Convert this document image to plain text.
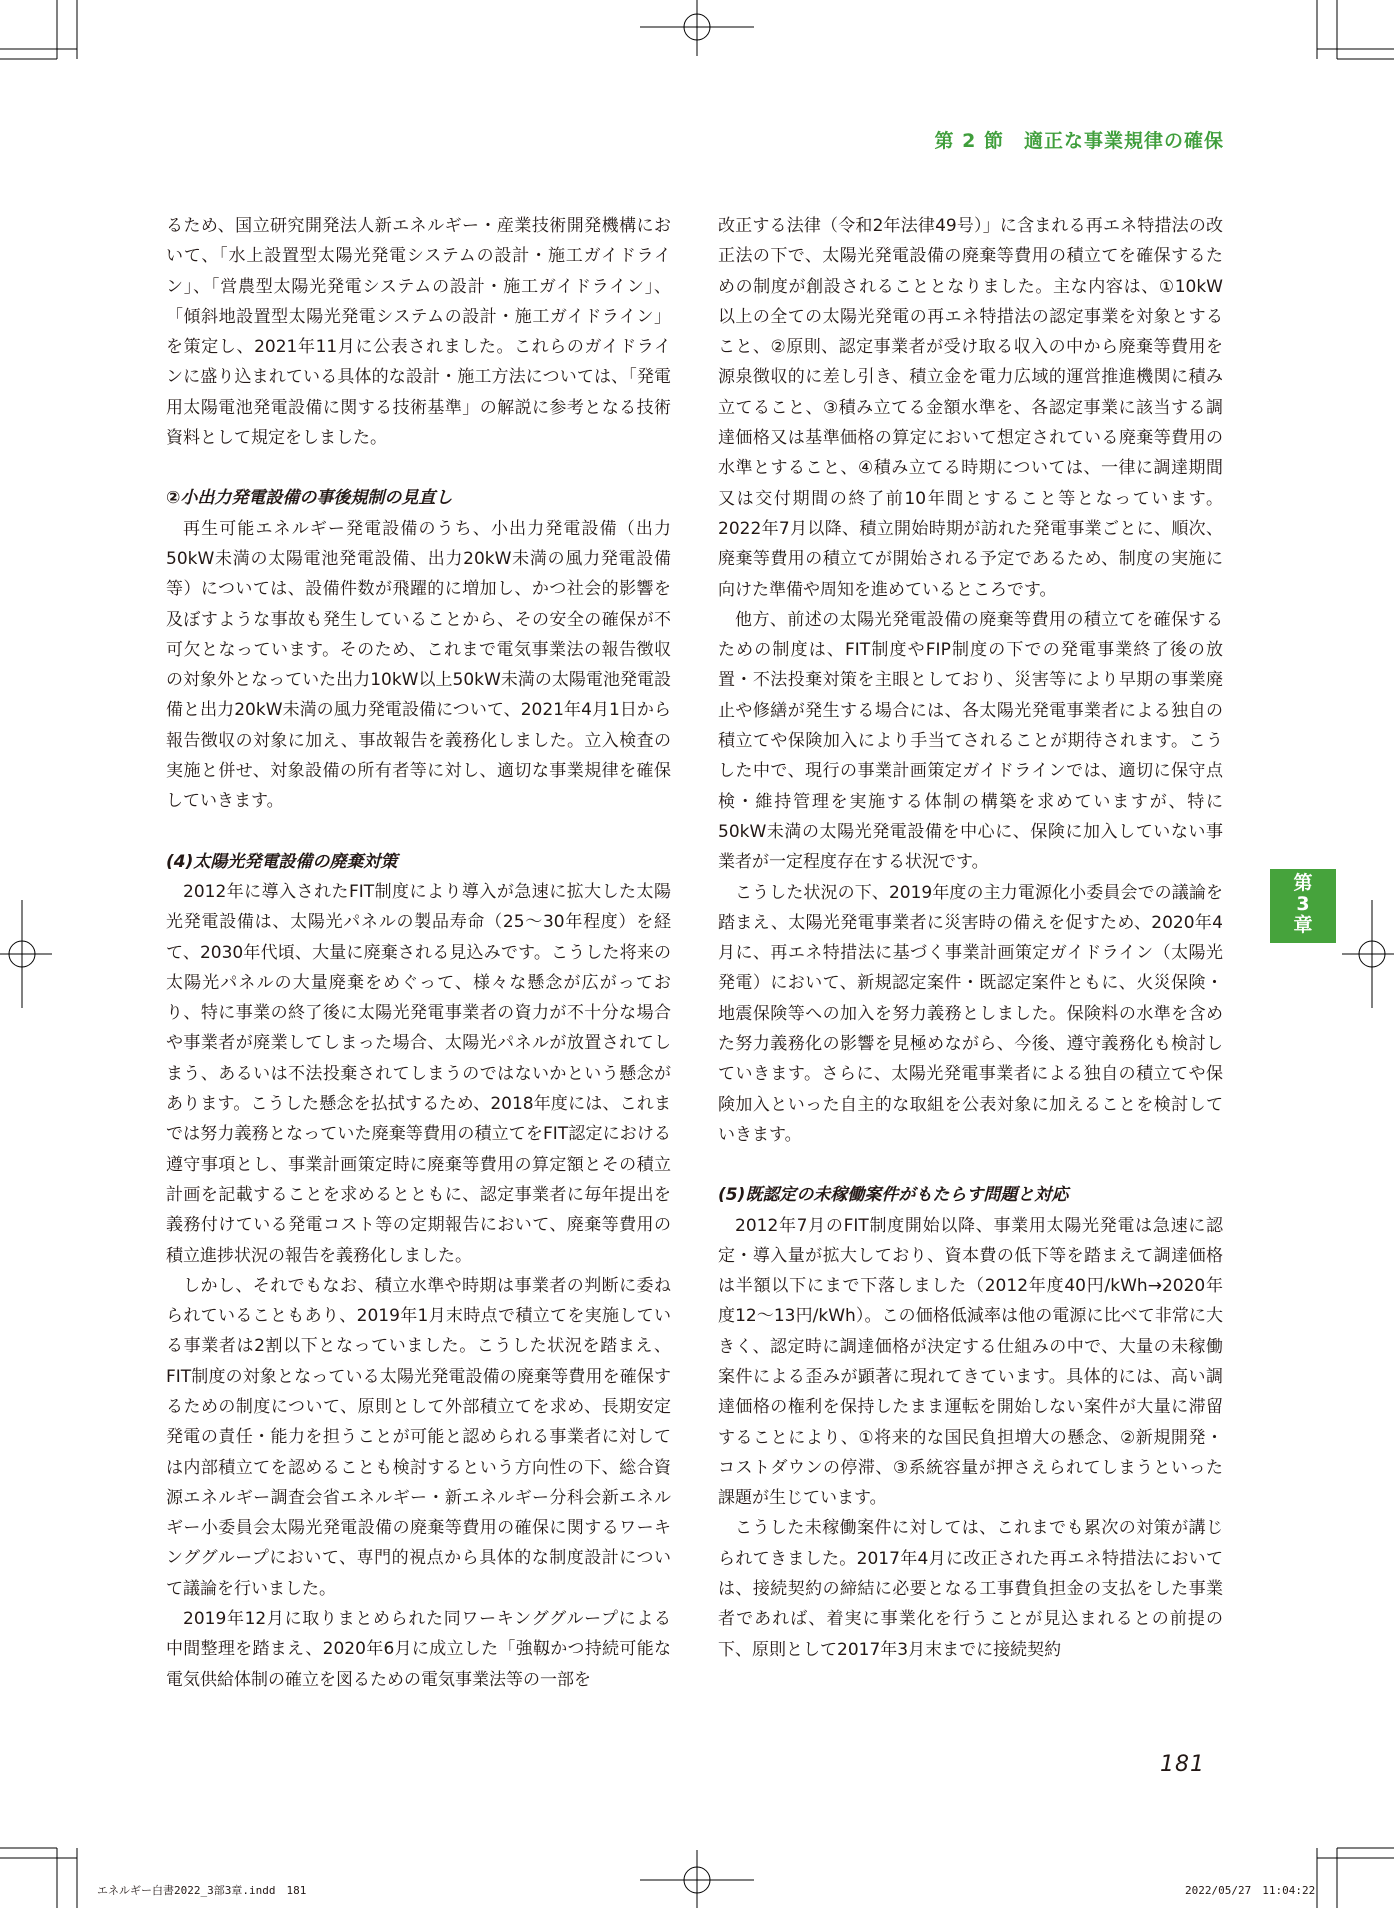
第 2 節　適正な事業規律の確保

るため、国立研究開発法人新エネルギー・産業技術開発機構において、「水上設置型太陽光発電システムの設計・施工ガイドライン」、「営農型太陽光発電システムの設計・施工ガイドライン」、「傾斜地設置型太陽光発電システムの設計・施工ガイドライン」を策定し、2021年11月に公表されました。これらのガイドラインに盛り込まれている具体的な設計・施工方法については、「発電用太陽電池発電設備に関する技術基準」の解説に参考となる技術資料として規定をしました。

②小出力発電設備の事後規制の見直し

再生可能エネルギー発電設備のうち、小出力発電設備（出力50kW未満の太陽電池発電設備、出力20kW未満の風力発電設備等）については、設備件数が飛躍的に増加し、かつ社会的影響を及ぼすような事故も発生していることから、その安全の確保が不可欠となっています。そのため、これまで電気事業法の報告徴収の対象外となっていた出力10kW以上50kW未満の太陽電池発電設備と出力20kW未満の風力発電設備について、2021年4月1日から報告徴収の対象に加え、事故報告を義務化しました。立入検査の実施と併せ、対象設備の所有者等に対し、適切な事業規律を確保していきます。

(4)太陽光発電設備の廃棄対策

2012年に導入されたFIT制度により導入が急速に拡大した太陽光発電設備は、太陽光パネルの製品寿命（25～30年程度）を経て、2030年代頃、大量に廃棄される見込みです。こうした将来の太陽光パネルの大量廃棄をめぐって、様々な懸念が広がっており、特に事業の終了後に太陽光発電事業者の資力が不十分な場合や事業者が廃業してしまった場合、太陽光パネルが放置されてしまう、あるいは不法投棄されてしまうのではないかという懸念があります。こうした懸念を払拭するため、2018年度には、これまでは努力義務となっていた廃棄等費用の積立てをFIT認定における遵守事項とし、事業計画策定時に廃棄等費用の算定額とその積立計画を記載することを求めるとともに、認定事業者に毎年提出を義務付けている発電コスト等の定期報告において、廃棄等費用の積立進捗状況の報告を義務化しました。

しかし、それでもなお、積立水準や時期は事業者の判断に委ねられていることもあり、2019年1月末時点で積立てを実施している事業者は2割以下となっていました。こうした状況を踏まえ、FIT制度の対象となっている太陽光発電設備の廃棄等費用を確保するための制度について、原則として外部積立てを求め、長期安定発電の責任・能力を担うことが可能と認められる事業者に対しては内部積立てを認めることも検討するという方向性の下、総合資源エネルギー調査会省エネルギー・新エネルギー分科会新エネルギー小委員会太陽光発電設備の廃棄等費用の確保に関するワーキンググループにおいて、専門的視点から具体的な制度設計について議論を行いました。

2019年12月に取りまとめられた同ワーキンググループによる中間整理を踏まえ、2020年6月に成立した「強靱かつ持続可能な電気供給体制の確立を図るための電気事業法等の一部を

改正する法律（令和2年法律49号）」に含まれる再エネ特措法の改正法の下で、太陽光発電設備の廃棄等費用の積立てを確保するための制度が創設されることとなりました。主な内容は、①10kW以上の全ての太陽光発電の再エネ特措法の認定事業を対象とすること、②原則、認定事業者が受け取る収入の中から廃棄等費用を源泉徴収的に差し引き、積立金を電力広域的運営推進機関に積み立てること、③積み立てる金額水準を、各認定事業に該当する調達価格又は基準価格の算定において想定されている廃棄等費用の水準とすること、④積み立てる時期については、一律に調達期間又は交付期間の終了前10年間とすること等となっています。2022年7月以降、積立開始時期が訪れた発電事業ごとに、順次、廃棄等費用の積立てが開始される予定であるため、制度の実施に向けた準備や周知を進めているところです。

他方、前述の太陽光発電設備の廃棄等費用の積立てを確保するための制度は、FIT制度やFIP制度の下での発電事業終了後の放置・不法投棄対策を主眼としており、災害等により早期の事業廃止や修繕が発生する場合には、各太陽光発電事業者による独自の積立てや保険加入により手当てされることが期待されます。こうした中で、現行の事業計画策定ガイドラインでは、適切に保守点検・維持管理を実施する体制の構築を求めていますが、特に50kW未満の太陽光発電設備を中心に、保険に加入していない事業者が一定程度存在する状況です。

こうした状況の下、2019年度の主力電源化小委員会での議論を踏まえ、太陽光発電事業者に災害時の備えを促すため、2020年4月に、再エネ特措法に基づく事業計画策定ガイドライン（太陽光発電）において、新規認定案件・既認定案件ともに、火災保険・地震保険等への加入を努力義務としました。保険料の水準を含めた努力義務化の影響を見極めながら、今後、遵守義務化も検討していきます。さらに、太陽光発電事業者による独自の積立てや保険加入といった自主的な取組を公表対象に加えることを検討していきます。

(5)既認定の未稼働案件がもたらす問題と対応

2012年7月のFIT制度開始以降、事業用太陽光発電は急速に認定・導入量が拡大しており、資本費の低下等を踏まえて調達価格は半額以下にまで下落しました（2012年度40円/kWh→2020年度12～13円/kWh）。この価格低減率は他の電源に比べて非常に大きく、認定時に調達価格が決定する仕組みの中で、大量の未稼働案件による歪みが顕著に現れてきています。具体的には、高い調達価格の権利を保持したまま運転を開始しない案件が大量に滞留することにより、①将来的な国民負担増大の懸念、②新規開発・コストダウンの停滞、③系統容量が押さえられてしまうといった課題が生じています。

こうした未稼働案件に対しては、これまでも累次の対策が講じられてきました。2017年4月に改正された再エネ特措法においては、接続契約の締結に必要となる工事費負担金の支払をした事業者であれば、着実に事業化を行うことが見込まれるとの前提の下、原則として2017年3月末までに接続契約

第
3
章
181
エネルギー白書2022_3部3章.indd　181	2022/05/27　11:04:22
